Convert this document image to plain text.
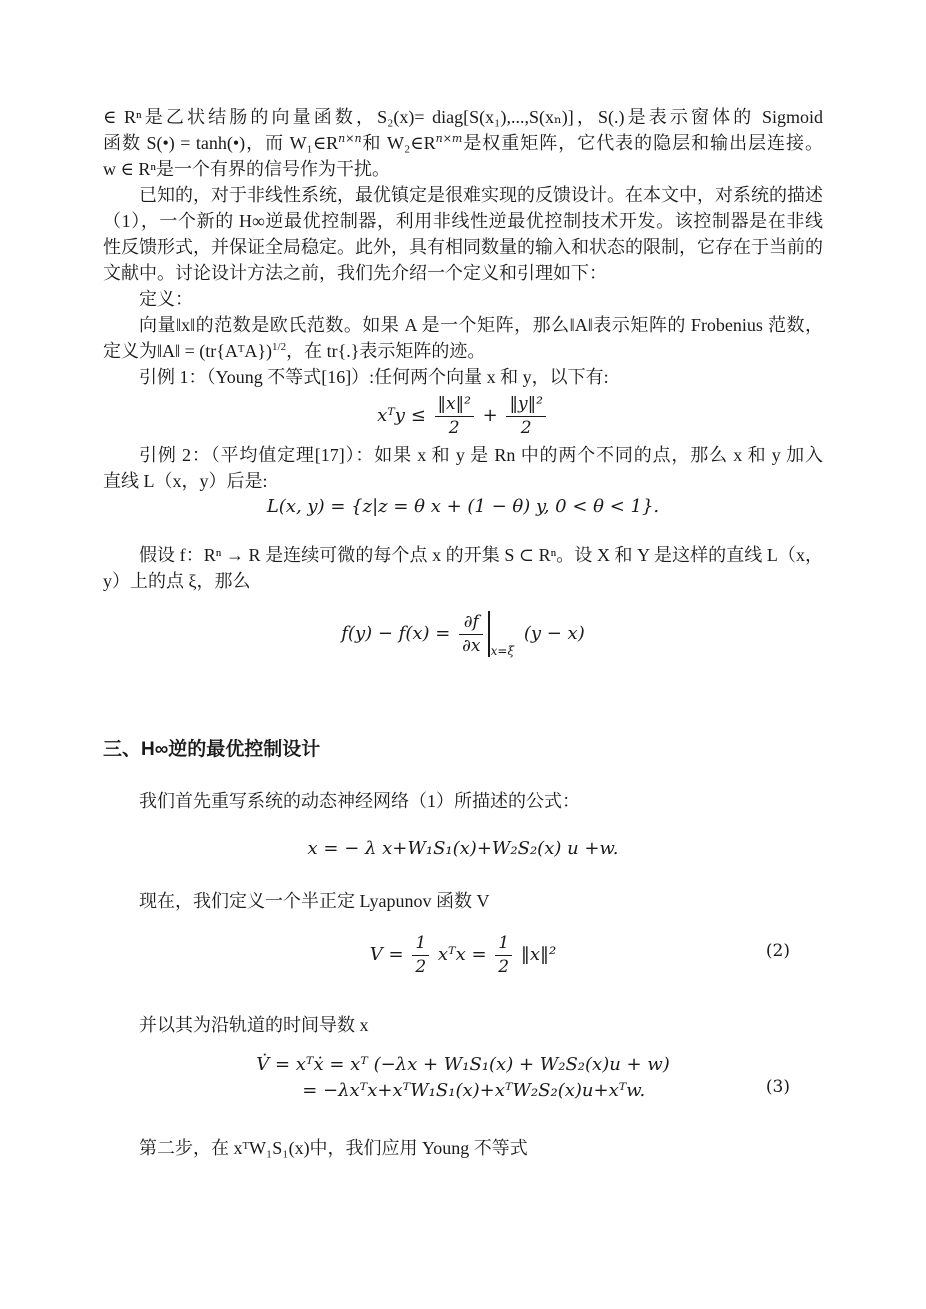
∈ Rⁿ是乙状结肠的向量函数，S₂(x)= diag[S(x₁),...,S(xₙ)]，S(.)是表示窗体的 Sigmoid
函数 S(•) = tanh(•)，而 $W_1\in R^{n\times n}$和 $W_2\in R^{n\times m}$是权重矩阵，它代表的隐层和输出层连接。
w ∈ Rⁿ是一个有界的信号作为干扰。
已知的，对于非线性系统，最优镇定是很难实现的反馈设计。在本文中，对系统的描述
（1），一个新的 H∞逆最优控制器，利用非线性逆最优控制技术开发。该控制器是在非线
性反馈形式，并保证全局稳定。此外，具有相同数量的输入和状态的限制，它存在于当前的
文献中。讨论设计方法之前，我们先介绍一个定义和引理如下：
定义：
向量‖x‖的范数是欧氏范数。如果 A 是一个矩阵，那么‖A‖表示矩阵的 Frobenius 范数，
定义为‖A‖ = (tr{AᵀA})$^{1/2}$，在 tr{.}表示矩阵的迹。
引例 1：（Young 不等式[16]）:任何两个向量 x 和 y，以下有:
xᵀy ≤ $\frac{\text{‖x‖²}}{2} + \frac{\text{‖y‖²}}{2}$
引例 2：（平均值定理[17]）：如果 x 和 y 是 Rn 中的两个不同的点，那么 x 和 y 加入
直线 L（x，y）后是:
L(x, y) = {z|z = θ x + (1 − θ) y, 0 < θ < 1}.
假设 f：Rⁿ → R 是连续可微的每个点 x 的开集 S ⊂ Rⁿ。设 X 和 Y 是这样的直线 L（x，
y）上的点 ξ，那么
$f(y) - f(x) = \frac{\partial f}{\partial x} _{x=\xi}$ (y − x)
三、H∞逆的最优控制设计
我们首先重写系统的动态神经网络（1）所描述的公式：
x = − λ x+W₁S₁(x)+W₂S₂(x) u +w.
现在，我们定义一个半正定 Lyapunov 函数 V
$V = \frac{1}{2}$ xᵀx = $\frac{1}{2}$ ‖x‖²	(2)
并以其为沿轨道的时间导数 x
V̇ = xᵀẋ = xᵀ (−λx + W₁S₁(x) + W₂S₂(x)u + w)
= −λxᵀx+xᵀW₁S₁(x)+xᵀW₂S₂(x)u+xᵀw.	(3)
第二步，在 xᵀW₁S₁(x)中，我们应用 Young 不等式
